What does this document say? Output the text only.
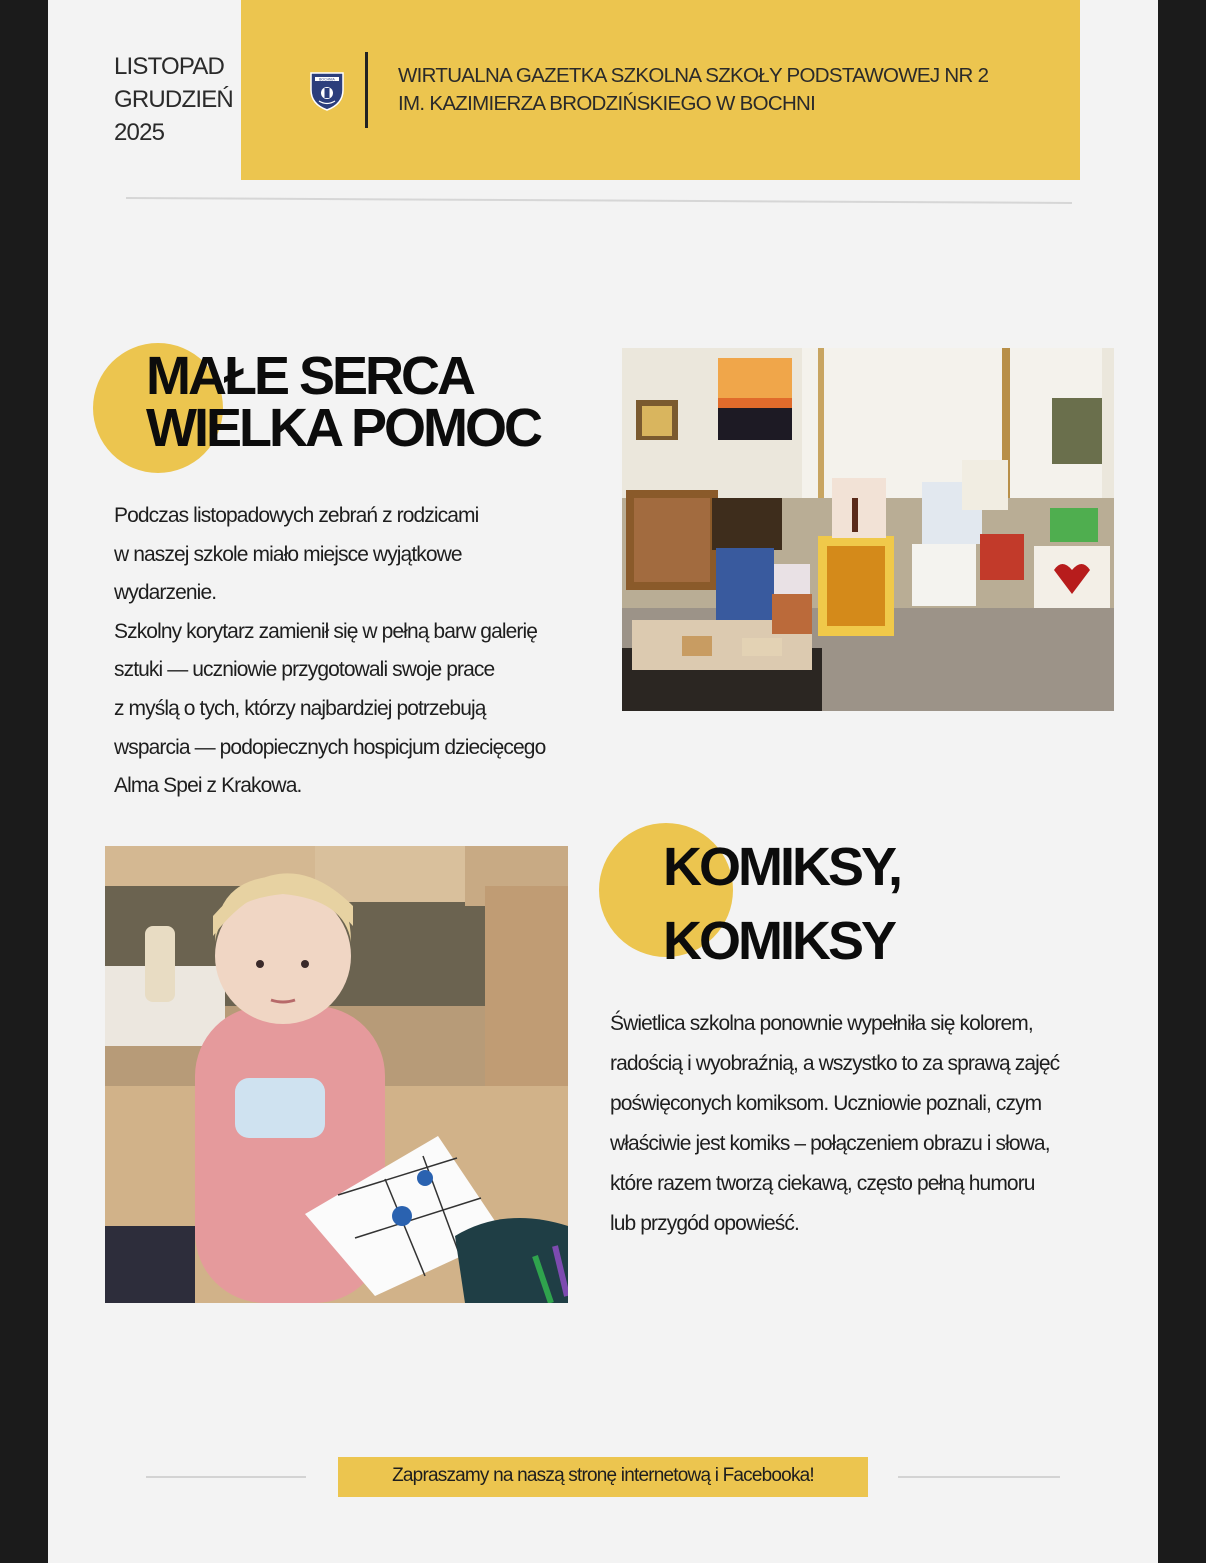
LISTOPAD
GRUDZIEŃ
2025
BOCHNIA	WIRTUALNA GAZETKA SZKOLNA SZKOŁY PODSTAWOWEJ NR 2
IM. KAZIMIERZA BRODZIŃSKIEGO W BOCHNI
MAŁE SERCA
WIELKA POMOC
Podczas listopadowych zebrań z rodzicami
w naszej szkole miało miejsce wyjątkowe
wydarzenie.
Szkolny korytarz zamienił się w pełną barw galerię
sztuki — uczniowie przygotowali swoje prace
z myślą o tych, którzy najbardziej potrzebują
wsparcia — podopiecznych hospicjum dziecięcego
Alma Spei z Krakowa.
KOMIKSY,
KOMIKSY
Świetlica szkolna ponownie wypełniła się kolorem,
radością i wyobraźnią, a wszystko to za sprawą zajęć
poświęconych komiksom. Uczniowie poznali, czym
właściwie jest komiks – połączeniem obrazu i słowa,
które razem tworzą ciekawą, często pełną humoru
lub przygód opowieść.
Zapraszamy na naszą stronę internetową i Facebooka!
